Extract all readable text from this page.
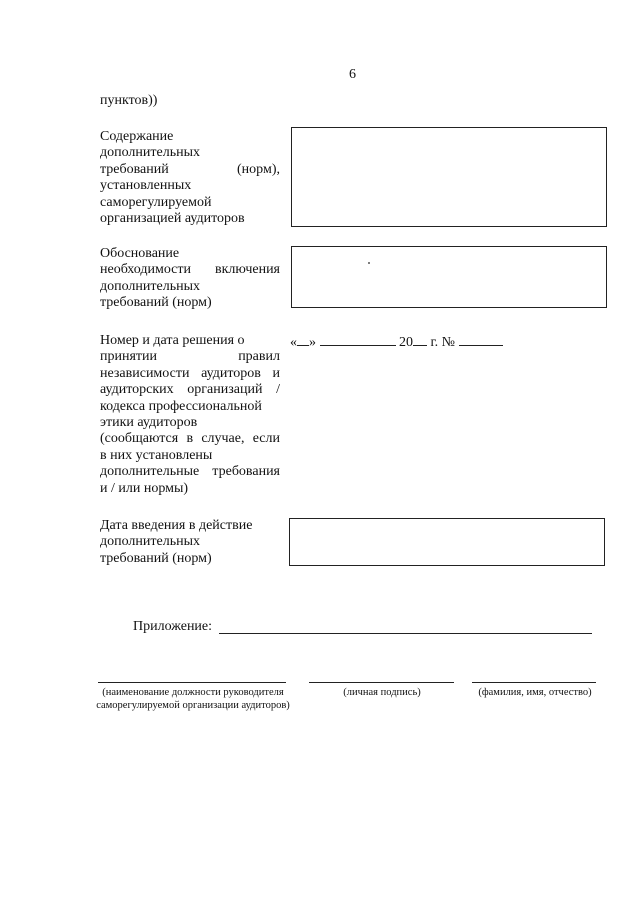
6
пунктов))
Содержание
дополнительных
требований (норм),
установленных
саморегулируемой
организацией аудиторов
Обоснование
необходимости включения
дополнительных
требований (норм)
Номер и дата решения о
принятии правил
независимости аудиторов и
аудиторских организаций /
кодекса профессиональной
этики аудиторов
(сообщаются в случае, если
в них установлены
дополнительные требования
и / или нормы)
« »	20 г. №
Дата введения в действие
дополнительных
требований (норм)
Приложение:
(наименование должности руководителя
саморегулируемой организации аудиторов)
(личная подпись)	(фамилия, имя, отчество)
